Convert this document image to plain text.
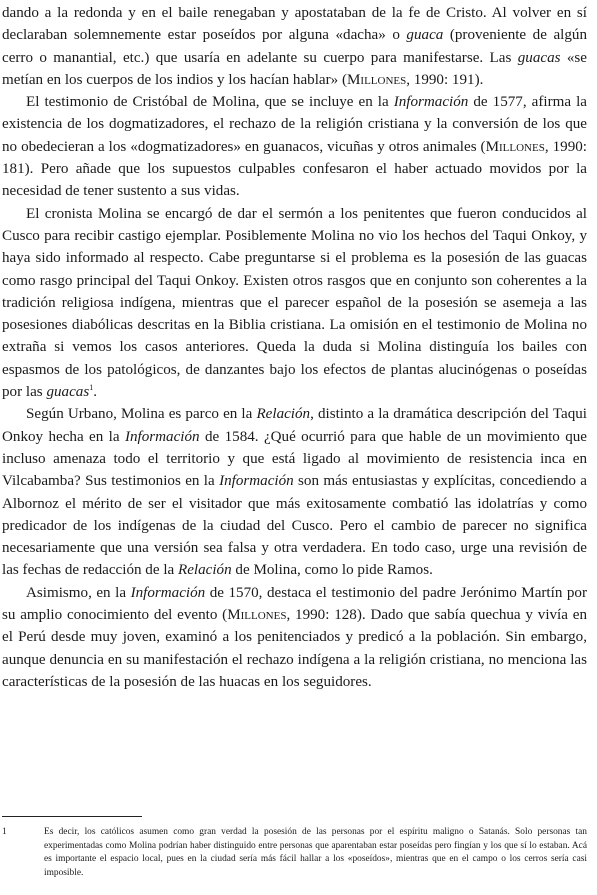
dando a la redonda y en el baile renegaban y apostataban de la fe de Cristo. Al volver en sí declaraban solemnemente estar poseídos por alguna «dacha» o guaca (proveniente de algún cerro o manantial, etc.) que usaría en adelante su cuerpo para manifestarse. Las guacas «se metían en los cuerpos de los indios y los hacían hablar» (Millones, 1990: 191).

El testimonio de Cristóbal de Molina, que se incluye en la Información de 1577, afirma la existencia de los dogmatizadores, el rechazo de la religión cristiana y la conversión de los que no obedecieran a los «dogmatizadores» en guanacos, vicuñas y otros animales (Millones, 1990: 181). Pero añade que los supuestos culpables confesaron el haber actuado movidos por la necesidad de tener sustento a sus vidas.

El cronista Molina se encargó de dar el sermón a los penitentes que fueron conducidos al Cusco para recibir castigo ejemplar. Posiblemente Molina no vio los hechos del Taqui Onkoy, y haya sido informado al respecto. Cabe preguntarse si el problema es la posesión de las guacas como rasgo principal del Taqui Onkoy. Existen otros rasgos que en conjunto son coherentes a la tradición religiosa indígena, mientras que el parecer español de la posesión se asemeja a las posesiones diabólicas descritas en la Biblia cristiana. La omisión en el testimonio de Molina no extraña si vemos los casos anteriores. Queda la duda si Molina distinguía los bailes con espasmos de los patológicos, de danzantes bajo los efectos de plantas alucinógenas o poseídas por las guacas$^1$.

Según Urbano, Molina es parco en la Relación, distinto a la dramática descripción del Taqui Onkoy hecha en la Información de 1584. ¿Qué ocurrió para que hable de un movimiento que incluso amenaza todo el territorio y que está ligado al movimiento de resistencia inca en Vilcabamba? Sus testimonios en la Información son más entusiastas y explícitas, concediendo a Albornoz el mérito de ser el visitador que más exitosamente combatió las idolatrías y como predicador de los indígenas de la ciudad del Cusco. Pero el cambio de parecer no significa necesariamente que una versión sea falsa y otra verdadera. En todo caso, urge una revisión de las fechas de redacción de la Relación de Molina, como lo pide Ramos.

Asimismo, en la Información de 1570, destaca el testimonio del padre Jerónimo Martín por su amplio conocimiento del evento (Millones, 1990: 128). Dado que sabía quechua y vivía en el Perú desde muy joven, examinó a los penitenciados y predicó a la población. Sin embargo, aunque denuncia en su manifestación el rechazo indígena a la religión cristiana, no menciona las características de la posesión de las huacas en los seguidores.

1	Es decir, los católicos asumen como gran verdad la posesión de las personas por el espíritu maligno o Satanás. Solo personas tan experimentadas como Molina podrían haber distinguido entre personas que aparentaban estar poseídas pero fingían y los que sí lo estaban. Acá es importante el espacio local, pues en la ciudad sería más fácil hallar a los «poseídos», mientras que en el campo o los cerros sería casi imposible.
